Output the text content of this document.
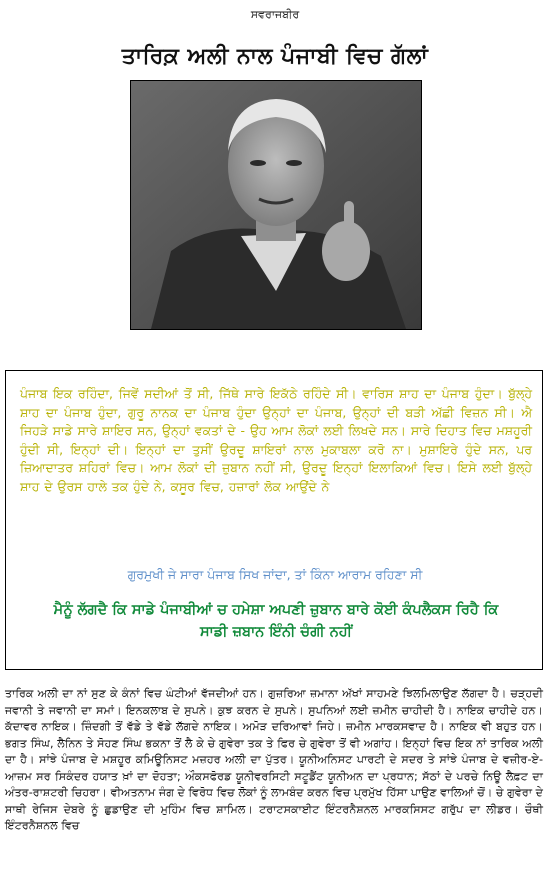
ਸਵਰਾਜਬੀਰ
ਤਾਰਿਕ਼ ਅਲੀ ਨਾਲ ਪੰਜਾਬੀ ਵਿਚ ਗੱਲਾਂ
ਪੰਜਾਬ ਇਕ ਰਹਿੰਦਾ, ਜਿਵੇਂ ਸਦੀਆਂ ਤੋਂ ਸੀ, ਜਿੱਥੇ ਸਾਰੇ ਇਕੱਠੇ ਰਹਿੰਦੇ ਸੀ। ਵਾਰਿਸ ਸ਼ਾਹ ਦਾ ਪੰਜਾਬ ਹੁੰਦਾ। ਬੁੱਲ੍ਹੇ ਸ਼ਾਹ ਦਾ ਪੰਜਾਬ ਹੁੰਦਾ, ਗੁਰੂ ਨਾਨਕ ਦਾ ਪੰਜਾਬ ਹੁੰਦਾ ਉਨ੍ਹਾਂ ਦਾ ਪੰਜਾਬ, ਉਨ੍ਹਾਂ ਦੀ ਬੜੀ ਅੱਛੀ ਵਿਜ਼ਨ ਸੀ। ਐ ਜਿਹੜੇ ਸਾਡੇ ਸਾਰੇ ਸ਼ਾਇਰ ਸਨ, ਉਨ੍ਹਾਂ ਵਕਤਾਂ ਦੇ - ਉਹ ਆਮ ਲੋਕਾਂ ਲਈ ਲਿਖਦੇ ਸਨ। ਸਾਰੇ ਦਿਹਾਤ ਵਿਚ ਮਸ਼ਹੂਰੀ ਹੁੰਦੀ ਸੀ, ਇਨ੍ਹਾਂ ਦੀ। ਇਨ੍ਹਾਂ ਦਾ ਤੁਸੀਂ ਉਰਦੂ ਸ਼ਾਇਰਾਂ ਨਾਲ ਮੁਕਾਬਲਾ ਕਰੋ ਨਾ। ਮੁਸ਼ਾਇਰੇ ਹੁੰਦੇ ਸਨ, ਪਰ ਜ਼ਿਆਦਾਤਰ ਸ਼ਹਿਰਾਂ ਵਿਚ। ਆਮ ਲੋਕਾਂ ਦੀ ਜ਼ੁਬਾਨ ਨਹੀਂ ਸੀ, ਉਰਦੂ ਇਨ੍ਹਾਂ ਇਲਾਕਿਆਂ ਵਿਚ। ਇਸੇ ਲਈ ਬੁੱਲ੍ਹੇ ਸ਼ਾਹ ਦੇ ਉਰਸ ਹਾਲੇ ਤਕ ਹੁੰਦੇ ਨੇ, ਕਸੂਰ ਵਿਚ, ਹਜ਼ਾਰਾਂ ਲੋਕ ਆਉਂਦੇ ਨੇ
ਗੁਰਮੁਖੀ ਜੇ ਸਾਰਾ ਪੰਜਾਬ ਸਿਖ ਜਾਂਦਾ, ਤਾਂ ਕਿੰਨਾ ਆਰਾਮ ਰਹਿਣਾ ਸੀ
ਮੈਨੂੰ ਲੱਗਦੈ ਕਿ ਸਾਡੇ ਪੰਜਾਬੀਆਂ ਚ ਹਮੇਸ਼ਾ ਅਪਣੀ ਜ਼ੁਬਾਨ ਬਾਰੇ ਕੋਈ ਕੰਪਲੈਕਸ ਰਿਹੈ ਕਿ ਸਾਡੀ ਜ਼ਬਾਨ ਇੰਨੀ ਚੰਗੀ ਨਹੀਂ
ਤਾਰਿਕ ਅਲੀ ਦਾ ਨਾਂ ਸੁਣ ਕੇ ਕੰਨਾਂ ਵਿਚ ਘੰਟੀਆਂ ਵੱਜਦੀਆਂ ਹਨ। ਗੁਜ਼ਰਿਆ ਜ਼ਮਾਨਾ ਅੱਖਾਂ ਸਾਹਮਣੇ ਝਿਲਮਿਲਾਉਣ ਲੱਗਦਾ ਹੈ। ਚੜ੍ਹਦੀ ਜਵਾਨੀ ਤੇ ਜਵਾਨੀ ਦਾ ਸਮਾਂ। ਇਨਕਲਾਬ ਦੇ ਸੁਪਨੇ। ਕੁਝ ਕਰਨ ਦੇ ਸੁਪਨੇ। ਸੁਪਨਿਆਂ ਲਈ ਜ਼ਮੀਨ ਚਾਹੀਦੀ ਹੈ। ਨਾਇਕ ਚਾਹੀਦੇ ਹਨ। ਕੱਦਾਵਰ ਨਾਇਕ। ਜ਼ਿੰਦਗੀ ਤੋਂ ਵੱਡੇ ਤੇ ਵੱਡੇ ਲੱਗਦੇ ਨਾਇਕ। ਅਮੋੜ ਦਰਿਆਵਾਂ ਜਿਹੇ। ਜ਼ਮੀਨ ਮਾਰਕਸਵਾਦ ਹੈ। ਨਾਇਕ ਵੀ ਬਹੁਤ ਹਨ। ਭਗਤ ਸਿੰਘ, ਲੈਨਿਨ ਤੇ ਸੋਹਣ ਸਿੰਘ ਭਕਨਾ ਤੋਂ ਲੈ ਕੇ ਚੇ ਗੁਵੇਰਾ ਤਕ ਤੇ ਫਿਰ ਚੇ ਗੁਵੇਰਾ ਤੋਂ ਵੀ ਅਗਾਂਹ। ਇਨ੍ਹਾਂ ਵਿਚ ਇਕ ਨਾਂ ਤਾਰਿਕ ਅਲੀ ਦਾ ਹੈ। ਸਾਂਝੇ ਪੰਜਾਬ ਦੇ ਮਸ਼ਹੂਰ ਕਮਿਊਨਿਸਟ ਮਜ਼ਹਰ ਅਲੀ ਦਾ ਪੁੱਤਰ। ਯੂਨੀਅਨਿਸਟ ਪਾਰਟੀ ਦੇ ਸਦਰ ਤੇ ਸਾਂਝੇ ਪੰਜਾਬ ਦੇ ਵਜ਼ੀਰ-ਏ-ਆਜ਼ਮ ਸਰ ਸਿਕੰਦਰ ਹਯਾਤ ਖ਼ਾਂ ਦਾ ਦੋਹਤਾ; ਔਕਸਫੋਰਡ ਯੂਨੀਵਰਸਿਟੀ ਸਟੂਡੈਂਟ ਯੂਨੀਅਨ ਦਾ ਪ੍ਰਧਾਨ; ਸੱਠਾਂ ਦੇ ਪਰਚੇ ਨਿਊ ਲੈਫ਼ਟ ਦਾ ਅੰਤਰ-ਰਾਸ਼ਟਰੀ ਚਿਹਰਾ। ਵੀਅਤਨਾਮ ਜੰਗ ਦੇ ਵਿਰੋਧ ਵਿਚ ਲੋਕਾਂ ਨੂੰ ਲਾਮਬੰਦ ਕਰਨ ਵਿਚ ਪ੍ਰਮੁੱਖ ਹਿੱਸਾ ਪਾਉਣ ਵਾਲਿਆਂ ਚੋਂ। ਚੇ ਗੁਵੇਰਾ ਦੇ ਸਾਥੀ ਰੇਜਿਸ ਦੇਬਰੇ ਨੂੰ ਛੁਡਾਉਣ ਦੀ ਮੁਹਿੰਮ ਵਿਚ ਸ਼ਾਮਿਲ। ਟਰਾਟਸਕਾਈਟ ਇੰਟਰਨੈਸ਼ਨਲ ਮਾਰਕਸਿਸਟ ਗਰੁੱਪ ਦਾ ਲੀਡਰ। ਚੌਥੀ ਇੰਟਰਨੈਸ਼ਨਲ ਵਿਚ
